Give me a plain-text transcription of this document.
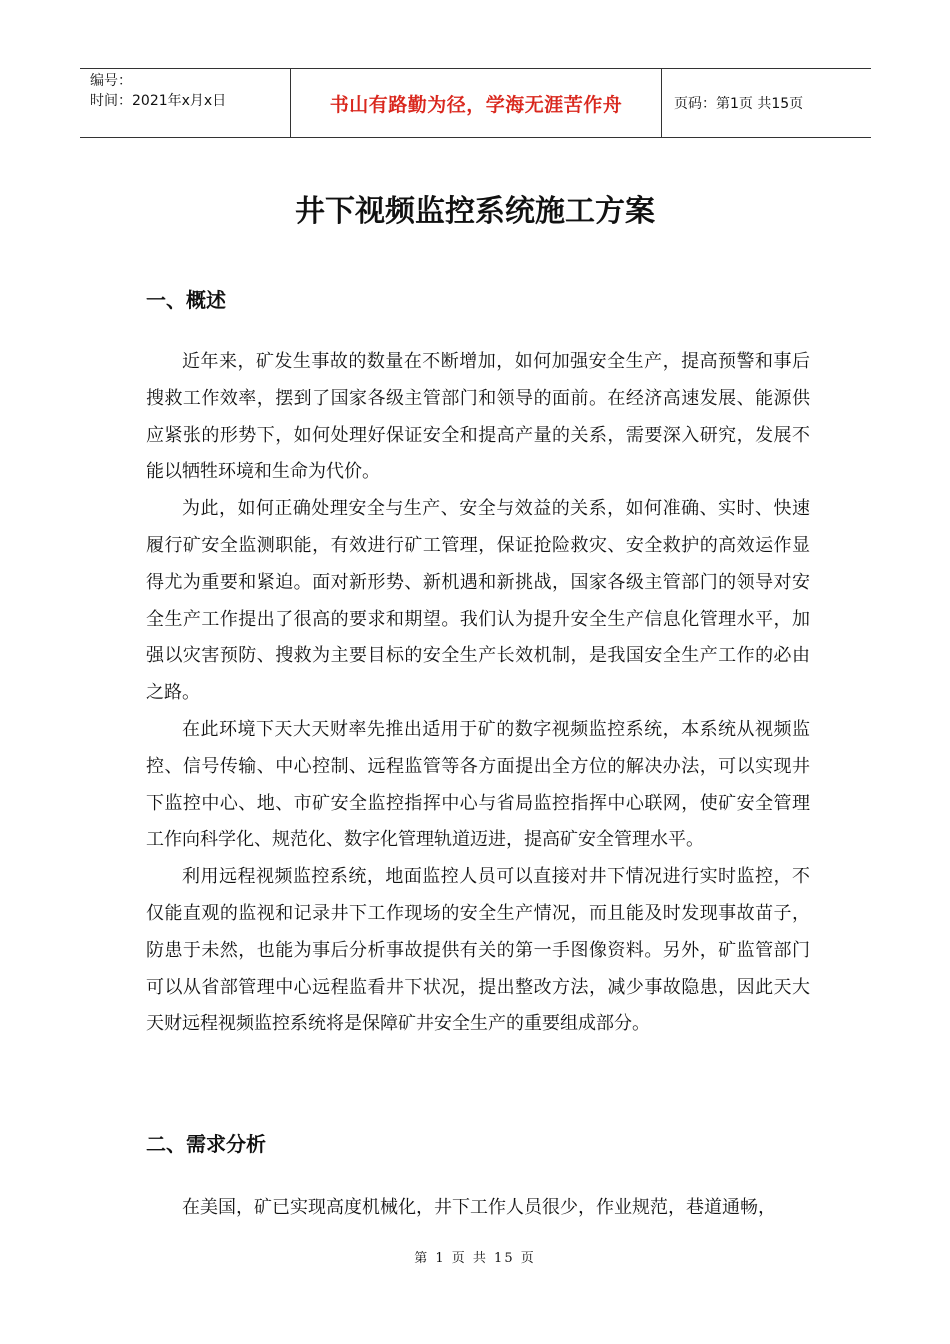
编号：
时间：2021年x月x日	书山有路勤为径，学海无涯苦作舟	页码：第1页 共15页
井下视频监控系统施工方案
一、概述

近年来，矿发生事故的数量在不断增加，如何加强安全生产，提高预警和事后搜救工作效率，摆到了国家各级主管部门和领导的面前。在经济高速发展、能源供应紧张的形势下，如何处理好保证安全和提高产量的关系，需要深入研究，发展不能以牺牲环境和生命为代价。

为此，如何正确处理安全与生产、安全与效益的关系，如何准确、实时、快速履行矿安全监测职能，有效进行矿工管理，保证抢险救灾、安全救护的高效运作显得尤为重要和紧迫。面对新形势、新机遇和新挑战，国家各级主管部门的领导对安全生产工作提出了很高的要求和期望。我们认为提升安全生产信息化管理水平，加强以灾害预防、搜救为主要目标的安全生产长效机制，是我国安全生产工作的必由之路。

在此环境下天大天财率先推出适用于矿的数字视频监控系统，本系统从视频监控、信号传输、中心控制、远程监管等各方面提出全方位的解决办法，可以实现井下监控中心、地、市矿安全监控指挥中心与省局监控指挥中心联网，使矿安全管理工作向科学化、规范化、数字化管理轨道迈进，提高矿安全管理水平。

利用远程视频监控系统，地面监控人员可以直接对井下情况进行实时监控，不仅能直观的监视和记录井下工作现场的安全生产情况，而且能及时发现事故苗子，防患于未然，也能为事后分析事故提供有关的第一手图像资料。另外，矿监管部门可以从省部管理中心远程监看井下状况，提出整改方法，减少事故隐患，因此天大天财远程视频监控系统将是保障矿井安全生产的重要组成部分。

二、需求分析

在美国，矿已实现高度机械化，井下工作人员很少，作业规范，巷道通畅，

第 1 页 共 15 页
